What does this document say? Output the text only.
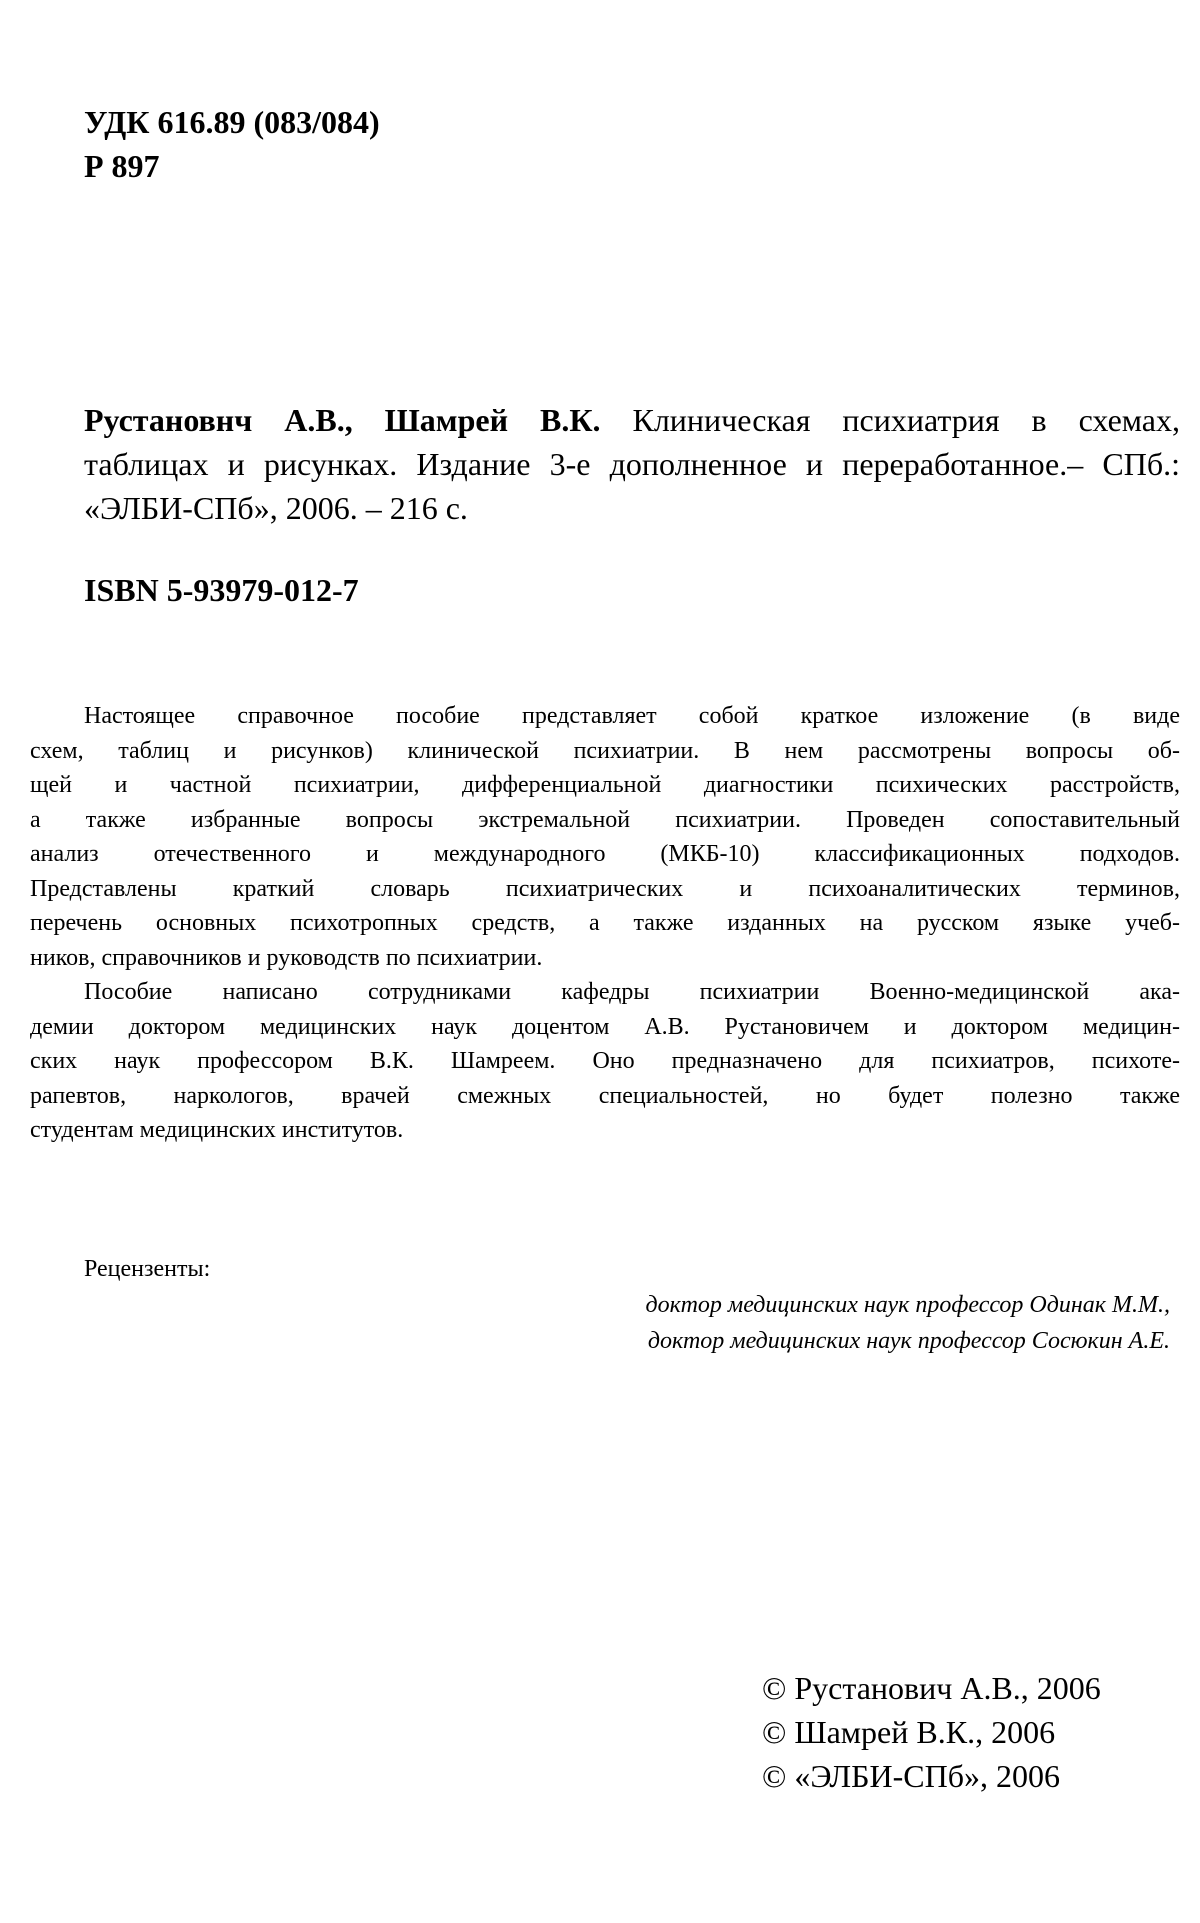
УДК 616.89 (083/084)
Р 897
Рустановнч А.В., Шамрей В.К. Клиническая психиатрия в схемах,
таблицах и рисунках. Издание 3-е дополненное и переработанное.– СПб.:
«ЭЛБИ-СПб», 2006. – 216 с.
ISBN 5-93979-012-7
Настоящее справочное пособие представляет собой краткое изложение (в виде
схем, таблиц и рисунков) клинической психиатрии. В нем рассмотрены вопросы об-
щей и частной психиатрии, дифференциальной диагностики психических расстройств,
а также избранные вопросы экстремальной психиатрии. Проведен сопоставительный
анализ отечественного и международного (МКБ-10) классификационных подходов.
Представлены краткий словарь психиатрических и психоаналитических терминов,
перечень основных психотропных средств, а также изданных на русском языке учеб-
ников, справочников и руководств по психиатрии.
Пособие написано сотрудниками кафедры психиатрии Военно-медицинской ака-
демии доктором медицинских наук доцентом А.В. Рустановичем и доктором медицин-
ских наук профессором В.К. Шамреем. Оно предназначено для психиатров, психоте-
рапевтов, наркологов, врачей смежных специальностей, но будет полезно также
студентам медицинских институтов.
Рецензенты:
доктор медицинских наук профессор Одинак М.М.,
доктор медицинских наук профессор Сосюкин А.Е.
© Рустанович А.В., 2006
© Шамрей В.К., 2006
© «ЭЛБИ-СПб», 2006
